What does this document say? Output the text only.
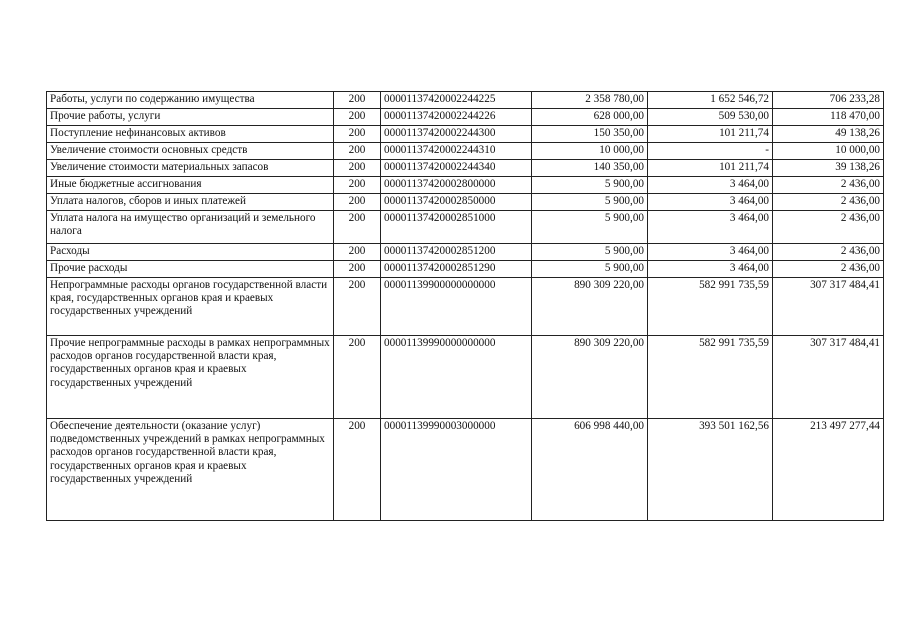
Работы, услуги по содержанию имущества	200	00001137420002244225	2 358 780,00	1 652 546,72	706 233,28
Прочие работы, услуги	200	00001137420002244226	628 000,00	509 530,00	118 470,00
Поступление нефинансовых активов	200	00001137420002244300	150 350,00	101 211,74	49 138,26
Увеличение стоимости основных средств	200	00001137420002244310	10 000,00	-	10 000,00
Увеличение стоимости материальных запасов	200	00001137420002244340	140 350,00	101 211,74	39 138,26
Иные бюджетные ассигнования	200	00001137420002800000	5 900,00	3 464,00	2 436,00
Уплата налогов, сборов и иных платежей	200	00001137420002850000	5 900,00	3 464,00	2 436,00
Уплата налога на имущество организаций и земельного налога	200	00001137420002851000	5 900,00	3 464,00	2 436,00
Расходы	200	00001137420002851200	5 900,00	3 464,00	2 436,00
Прочие расходы	200	00001137420002851290	5 900,00	3 464,00	2 436,00
Непрограммные расходы органов государственной власти края, государственных органов края и краевых государственных учреждений	200	00001139900000000000	890 309 220,00	582 991 735,59	307 317 484,41
Прочие непрограммные расходы в рамках непрограммных расходов органов государственной власти края, государственных органов края и краевых государственных учреждений	200	00001139990000000000	890 309 220,00	582 991 735,59	307 317 484,41
Обеспечение деятельности (оказание услуг) подведомственных учреждений в рамках непрограммных расходов органов государственной власти края, государственных органов края и краевых государственных учреждений	200	00001139990003000000	606 998 440,00	393 501 162,56	213 497 277,44
